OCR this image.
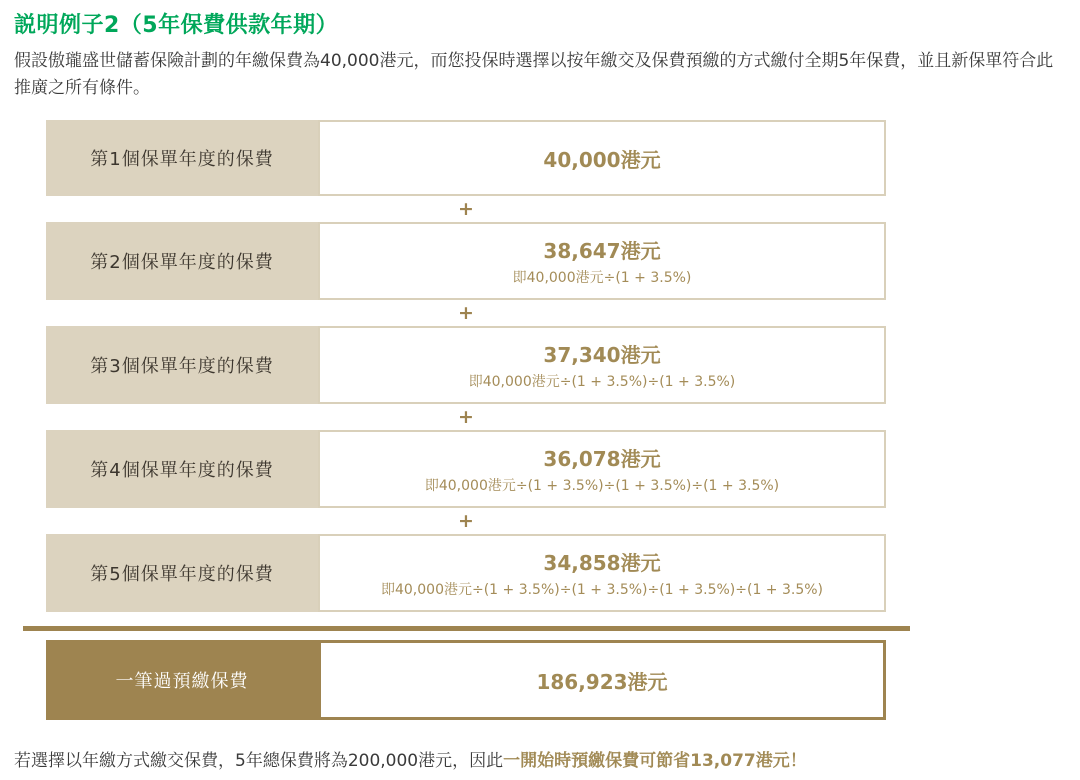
説明例子2（5年保費供款年期）
假設傲瓏盛世儲蓄保險計劃的年繳保費為40,000港元，而您投保時選擇以按年繳交及保費預繳的方式繳付全期5年保費，並且新保單符合此推廣之所有條件。
第1個保單年度的保費	40,000港元
+
第2個保單年度的保費	38,647港元
即40,000港元÷(1 + 3.5%)
+
第3個保單年度的保費	37,340港元
即40,000港元÷(1 + 3.5%)÷(1 + 3.5%)
+
第4個保單年度的保費	36,078港元
即40,000港元÷(1 + 3.5%)÷(1 + 3.5%)÷(1 + 3.5%)
+
第5個保單年度的保費	34,858港元
即40,000港元÷(1 + 3.5%)÷(1 + 3.5%)÷(1 + 3.5%)÷(1 + 3.5%)
一筆過預繳保費	186,923港元
若選擇以年繳方式繳交保費，5年總保費將為200,000港元，因此一開始時預繳保費可節省13,077港元！
